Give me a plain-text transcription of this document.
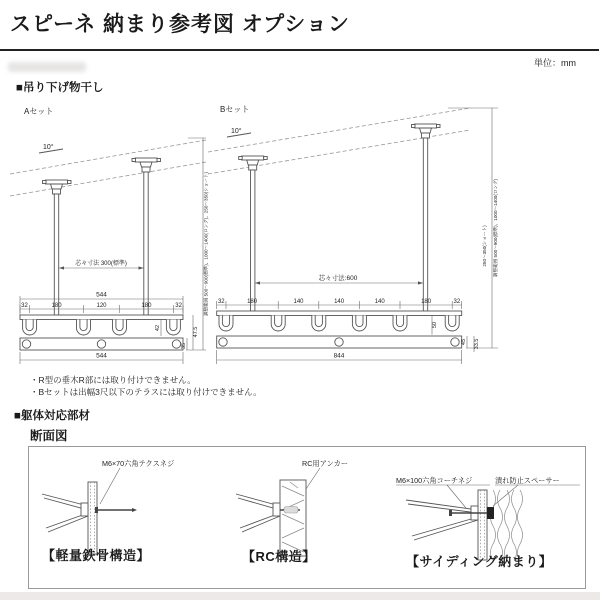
スピーネ 納まり参考図 オプション
単位：mm
■吊り下げ物干し
Aセット
10°
芯々寸法 300(標準)
544
32	180	120	180	32
544
42
35
47.5
調整範囲 500〜900(標準)、1000〜1400(ロング)、250〜350(ショート)
Bセット
10°
芯々寸法:600
32	180	140	140	140	180	32
50
844
45 33.5
調整範囲 500〜900(標準)、1000〜1400(ロング)
250〜350(ショート)
・R型の垂木R部には取り付けできません。
・Bセットは出幅3尺以下のテラスには取り付けできません。
■躯体対応部材
断面図
M6×70六角テクスネジ	RC用アンカー
M6×100六角コーチネジ	潰れ防止スペーサー
【軽量鉄骨構造】	【RC構造】	【サイディング納まり】
